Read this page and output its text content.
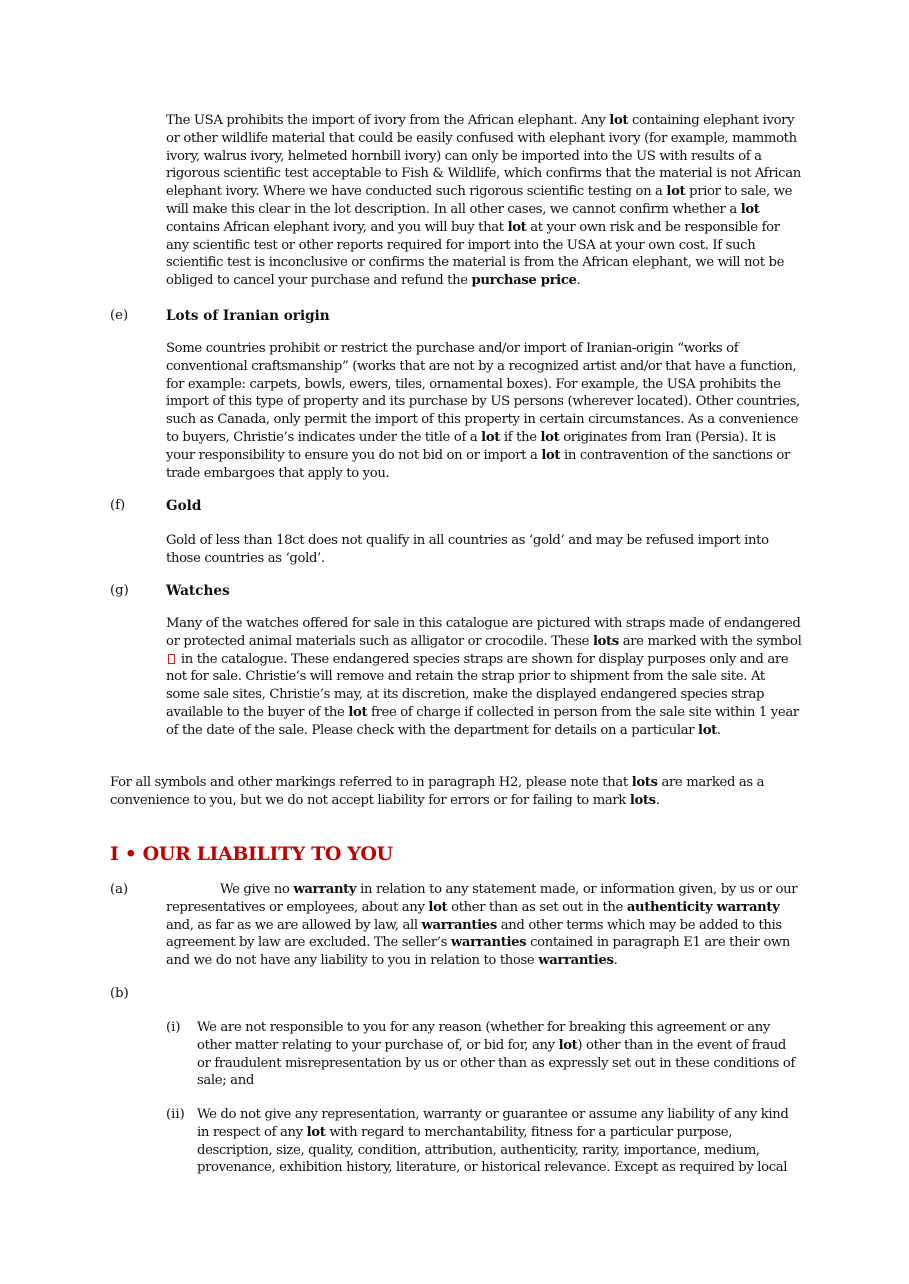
The USA prohibits the import of ivory from the African elephant. Any lot containing elephant ivory or other wildlife material that could be easily confused with elephant ivory (for example, mammoth ivory, walrus ivory, helmeted hornbill ivory) can only be imported into the US with results of a rigorous scientific test acceptable to Fish & Wildlife, which confirms that the material is not African elephant ivory. Where we have conducted such rigorous scientific testing on a lot prior to sale, we will make this clear in the lot description. In all other cases, we cannot confirm whether a lot contains African elephant ivory, and you will buy that lot at your own risk and be responsible for any scientific test or other reports required for import into the USA at your own cost. If such scientific test is inconclusive or confirms the material is from the African elephant, we will not be obliged to cancel your purchase and refund the purchase price.

(e)	Lots of Iranian origin

Some countries prohibit or restrict the purchase and/or import of Iranian-origin “works of conventional craftsmanship” (works that are not by a recognized artist and/or that have a function, for example: carpets, bowls, ewers, tiles, ornamental boxes). For example, the USA prohibits the import of this type of property and its purchase by US persons (wherever located). Other countries, such as Canada, only permit the import of this property in certain circumstances. As a convenience to buyers, Christie’s indicates under the title of a lot if the lot originates from Iran (Persia). It is your responsibility to ensure you do not bid on or import a lot in contravention of the sanctions or trade embargoes that apply to you.

(f)	Gold

Gold of less than 18ct does not qualify in all countries as ‘gold’ and may be refused import into those countries as ‘gold’.

(g)	Watches

Many of the watches offered for sale in this catalogue are pictured with straps made of endangered or protected animal materials such as alligator or crocodile. These lots are marked with the symbol  in the catalogue. These endangered species straps are shown for display purposes only and are not for sale. Christie’s will remove and retain the strap prior to shipment from the sale site. At some sale sites, Christie’s may, at its discretion, make the displayed endangered species strap available to the buyer of the lot free of charge if collected in person from the sale site within 1 year of the date of the sale. Please check with the department for details on a particular lot.

For all symbols and other markings referred to in paragraph H2, please note that lots are marked as a convenience to you, but we do not accept liability for errors or for failing to mark lots.

I • OUR LIABILITY TO YOU

(a)	We give no warranty in relation to any statement made, or information given, by us or our representatives or employees, about any lot other than as set out in the authenticity warranty and, as far as we are allowed by law, all warranties and other terms which may be added to this agreement by law are excluded. The seller’s warranties contained in paragraph E1 are their own and we do not have any liability to you in relation to those warranties.

(b)

(i) We are not responsible to you for any reason (whether for breaking this agreement or any other matter relating to your purchase of, or bid for, any lot) other than in the event of fraud or fraudulent misrepresentation by us or other than as expressly set out in these conditions of sale; and

(ii) We do not give any representation, warranty or guarantee or assume any liability of any kind in respect of any lot with regard to merchantability, fitness for a particular purpose, description, size, quality, condition, attribution, authenticity, rarity, importance, medium, provenance, exhibition history, literature, or historical relevance. Except as required by local
